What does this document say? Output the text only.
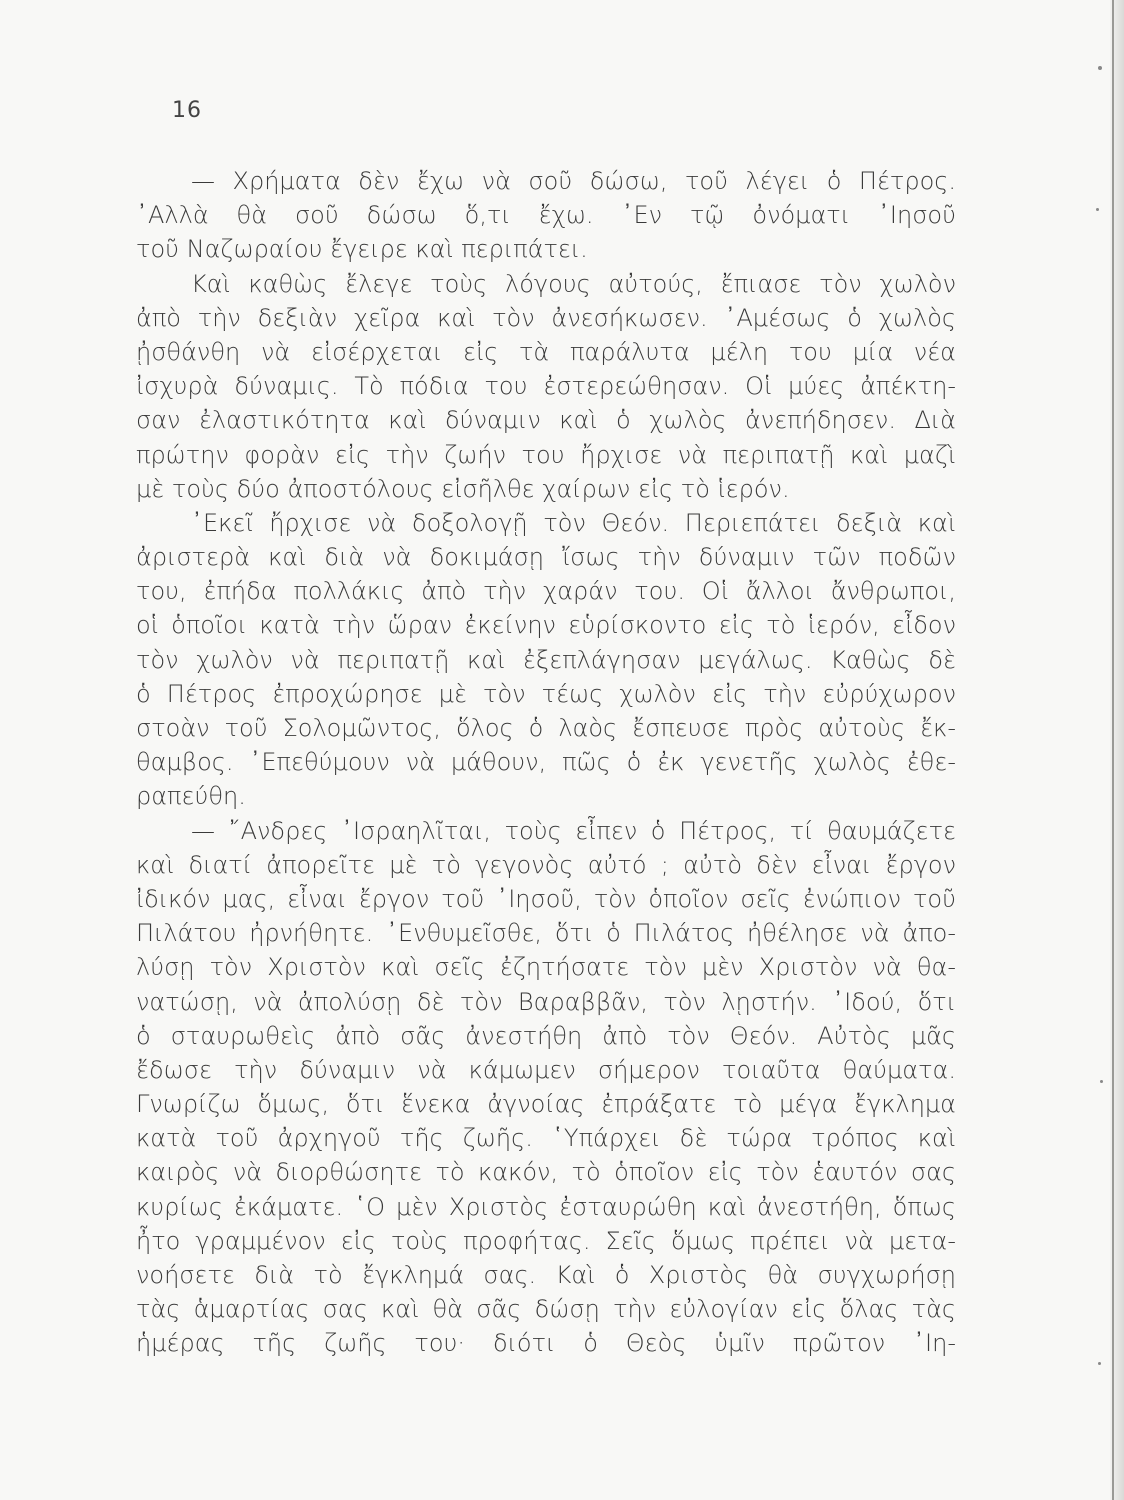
16
— Χρήματα δὲν ἔχω νὰ σοῦ δώσω, τοῦ λέγει ὁ Πέτρος.
᾿Αλλὰ θὰ σοῦ δώσω ὅ,τι ἔχω. ᾿Εν τῷ ὀνόματι ᾿Ιησοῦ
τοῦ Ναζωραίου ἔγειρε καὶ περιπάτει.
Καὶ καθὼς ἔλεγε τοὺς λόγους αὐτούς, ἔπιασε τὸν χωλὸν
ἀπὸ τὴν δεξιὰν χεῖρα καὶ τὸν ἀνεσήκωσεν. ᾿Αμέσως ὁ χωλὸς
ᾐσθάνθη νὰ εἰσέρχεται εἰς τὰ παράλυτα μέλη του μία νέα
ἰσχυρὰ δύναμις. Τὸ πόδια του ἐστερεώθησαν. Οἱ μύες ἀπέκτη-
σαν ἐλαστικότητα καὶ δύναμιν καὶ ὁ χωλὸς ἀνεπήδησεν. Διὰ
πρώτην φορὰν εἰς τὴν ζωήν του ἤρχισε νὰ περιπατῇ καὶ μαζὶ
μὲ τοὺς δύο ἀποστόλους εἰσῆλθε χαίρων εἰς τὸ ἱερόν.
᾿Εκεῖ ἤρχισε νὰ δοξολογῇ τὸν Θεόν. Περιεπάτει δεξιὰ καὶ
ἀριστερὰ καὶ διὰ νὰ δοκιμάσῃ ἴσως τὴν δύναμιν τῶν ποδῶν
του, ἐπήδα πολλάκις ἀπὸ τὴν χαράν του. Οἱ ἄλλοι ἄνθρωποι,
οἱ ὁποῖοι κατὰ τὴν ὥραν ἐκείνην εὑρίσκοντο εἰς τὸ ἱερόν, εἶδον
τὸν χωλὸν νὰ περιπατῇ καὶ ἐξεπλάγησαν μεγάλως. Καθὼς δὲ
ὁ Πέτρος ἐπροχώρησε μὲ τὸν τέως χωλὸν εἰς τὴν εὐρύχωρον
στοὰν τοῦ Σολομῶντος, ὅλος ὁ λαὸς ἔσπευσε πρὸς αὐτοὺς ἔκ-
θαμβος. ᾿Επεθύμουν νὰ μάθουν, πῶς ὁ ἐκ γενετῆς χωλὸς ἐθε-
ραπεύθη.
— ῎Ανδρες ᾿Ισραηλῖται, τοὺς εἶπεν ὁ Πέτρος, τί θαυμάζετε
καὶ διατί ἀπορεῖτε μὲ τὸ γεγονὸς αὐτό ; αὐτὸ δὲν εἶναι ἔργον
ἰδικόν μας, εἶναι ἔργον τοῦ ᾿Ιησοῦ, τὸν ὁποῖον σεῖς ἐνώπιον τοῦ
Πιλάτου ἠρνήθητε. ᾿Ενθυμεῖσθε, ὅτι ὁ Πιλάτος ἠθέλησε νὰ ἀπο-
λύσῃ τὸν Χριστὸν καὶ σεῖς ἐζητήσατε τὸν μὲν Χριστὸν νὰ θα-
νατώσῃ, νὰ ἀπολύσῃ δὲ τὸν Βαραββᾶν, τὸν λῃστήν. ᾿Ιδού, ὅτι
ὁ σταυρωθεὶς ἀπὸ σᾶς ἀνεστήθη ἀπὸ τὸν Θεόν. Αὐτὸς μᾶς
ἔδωσε τὴν δύναμιν νὰ κάμωμεν σήμερον τοιαῦτα θαύματα.
Γνωρίζω ὅμως, ὅτι ἕνεκα ἀγνοίας ἐπράξατε τὸ μέγα ἔγκλημα
κατὰ τοῦ ἀρχηγοῦ τῆς ζωῆς. ῾Υπάρχει δὲ τώρα τρόπος καὶ
καιρὸς νὰ διορθώσητε τὸ κακόν, τὸ ὁποῖον εἰς τὸν ἑαυτόν σας
κυρίως ἐκάματε. ῾Ο μὲν Χριστὸς ἐσταυρώθη καὶ ἀνεστήθη, ὅπως
ἦτο γραμμένον εἰς τοὺς προφήτας. Σεῖς ὅμως πρέπει νὰ μετα-
νοήσετε διὰ τὸ ἔγκλημά σας. Καὶ ὁ Χριστὸς θὰ συγχωρήσῃ
τὰς ἁμαρτίας σας καὶ θὰ σᾶς δώσῃ τὴν εὐλογίαν εἰς ὅλας τὰς
ἡμέρας τῆς ζωῆς του· διότι ὁ Θεὸς ὑμῖν πρῶτον ᾿Ιη-
